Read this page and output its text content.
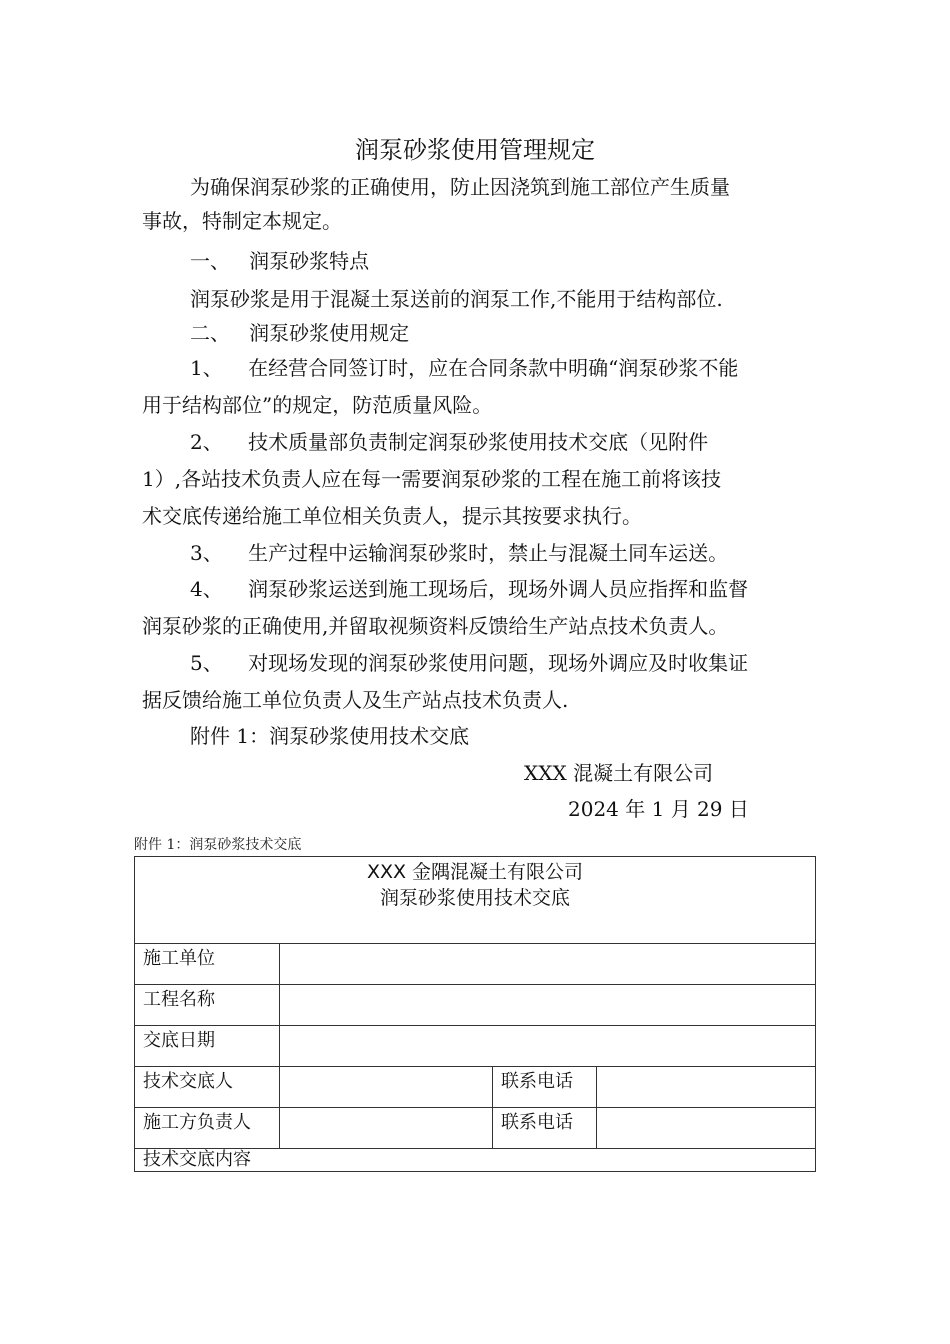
润泵砂浆使用管理规定
为确保润泵砂浆的正确使用，防止因浇筑到施工部位产生质量
事故，特制定本规定。
一、   润泵砂浆特点
润泵砂浆是用于混凝土泵送前的润泵工作,不能用于结构部位.
二、   润泵砂浆使用规定
1、    在经营合同签订时，应在合同条款中明确“润泵砂浆不能
用于结构部位”的规定，防范质量风险。
2、    技术质量部负责制定润泵砂浆使用技术交底（见附件
1）,各站技术负责人应在每一需要润泵砂浆的工程在施工前将该技
术交底传递给施工单位相关负责人，提示其按要求执行。
3、    生产过程中运输润泵砂浆时，禁止与混凝土同车运送。
4、    润泵砂浆运送到施工现场后，现场外调人员应指挥和监督
润泵砂浆的正确使用,并留取视频资料反馈给生产站点技术负责人。
5、    对现场发现的润泵砂浆使用问题，现场外调应及时收集证
据反馈给施工单位负责人及生产站点技术负责人.
附件 1：润泵砂浆使用技术交底
XXX 混凝土有限公司
2024 年 1 月 29 日
附件 1：润泵砂浆技术交底
XXX 金隅混凝土有限公司
润泵砂浆使用技术交底			

施工单位			
工程名称			
交底日期			
技术交底人		联系电话	
施工方负责人		联系电话	
技术交底内容			
